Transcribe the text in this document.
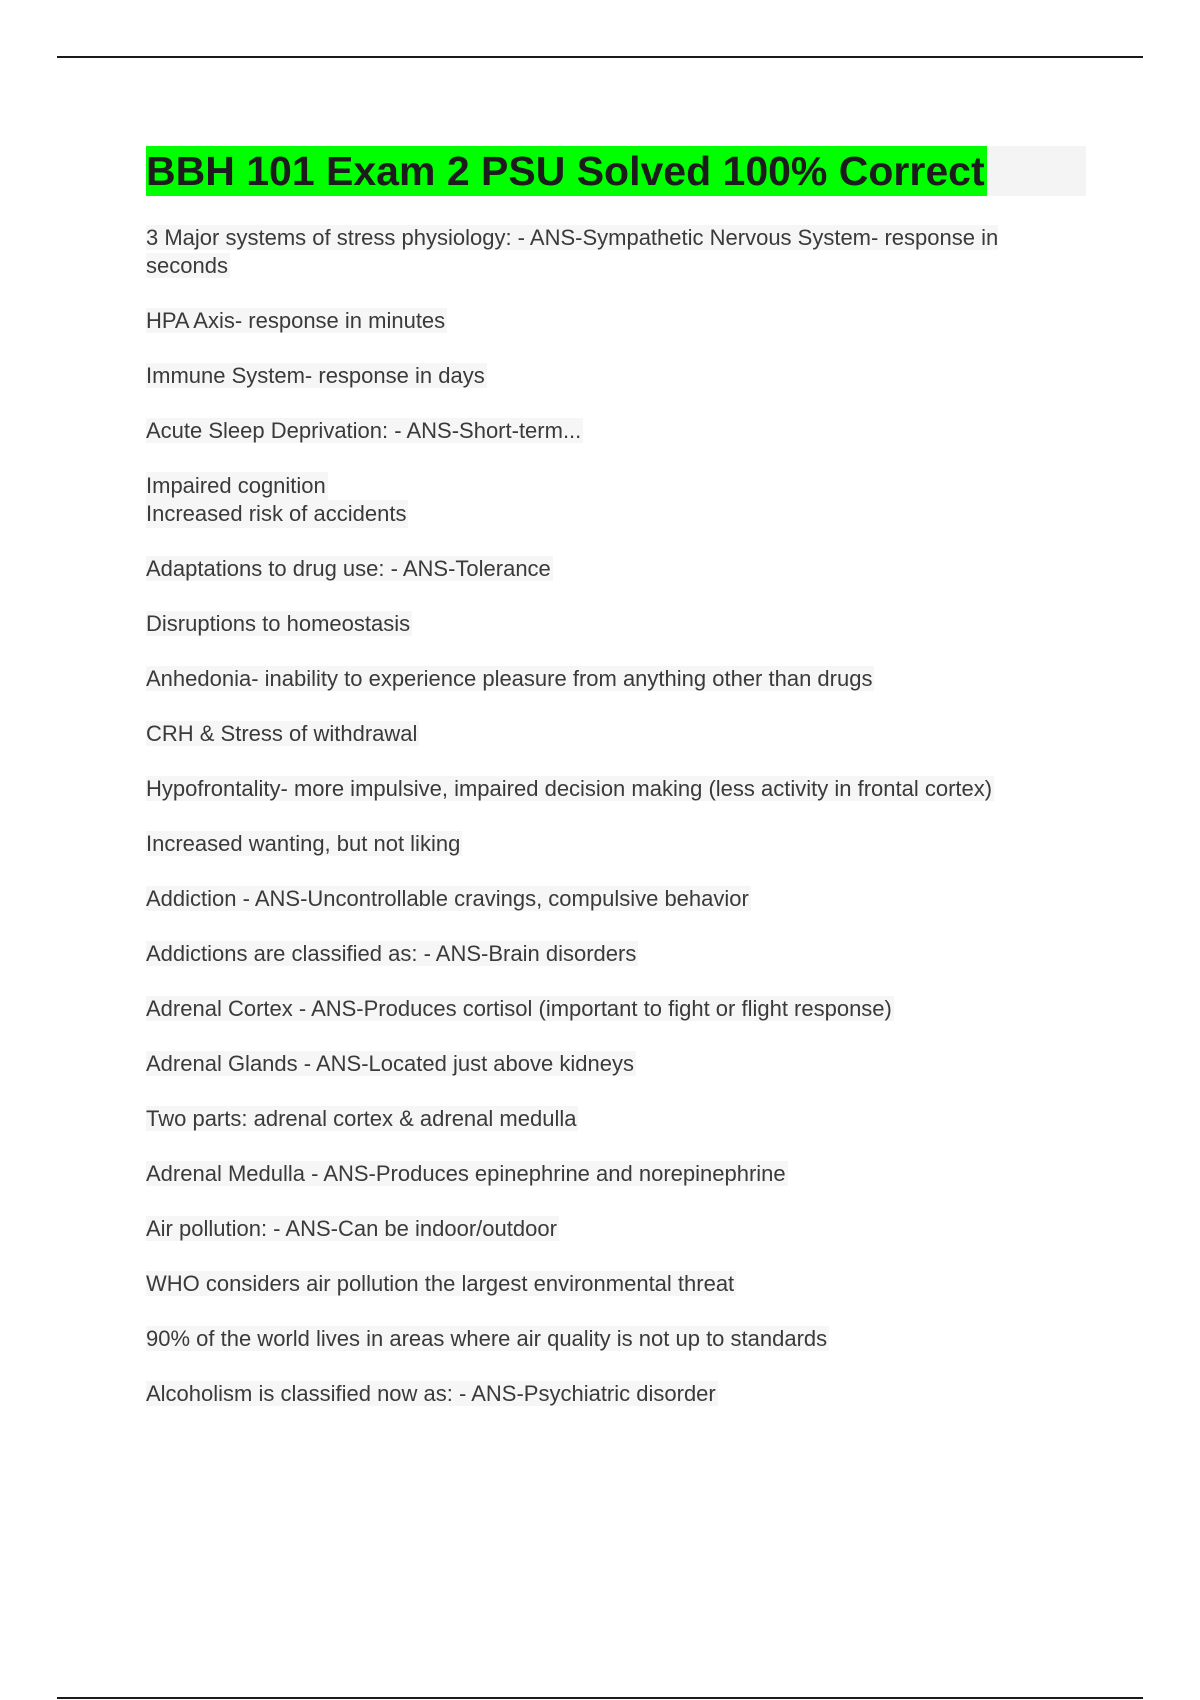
BBH 101 Exam 2 PSU Solved 100% Correct
3 Major systems of stress physiology: - ANS-Sympathetic Nervous System- response in seconds
HPA Axis- response in minutes
Immune System- response in days
Acute Sleep Deprivation: - ANS-Short-term...
Impaired cognition
Increased risk of accidents
Adaptations to drug use: - ANS-Tolerance
Disruptions to homeostasis
Anhedonia- inability to experience pleasure from anything other than drugs
CRH & Stress of withdrawal
Hypofrontality- more impulsive, impaired decision making (less activity in frontal cortex)
Increased wanting, but not liking
Addiction - ANS-Uncontrollable cravings, compulsive behavior
Addictions are classified as: - ANS-Brain disorders
Adrenal Cortex - ANS-Produces cortisol (important to fight or flight response)
Adrenal Glands - ANS-Located just above kidneys
Two parts: adrenal cortex & adrenal medulla
Adrenal Medulla - ANS-Produces epinephrine and norepinephrine
Air pollution: - ANS-Can be indoor/outdoor
WHO considers air pollution the largest environmental threat
90% of the world lives in areas where air quality is not up to standards
Alcoholism is classified now as: - ANS-Psychiatric disorder
